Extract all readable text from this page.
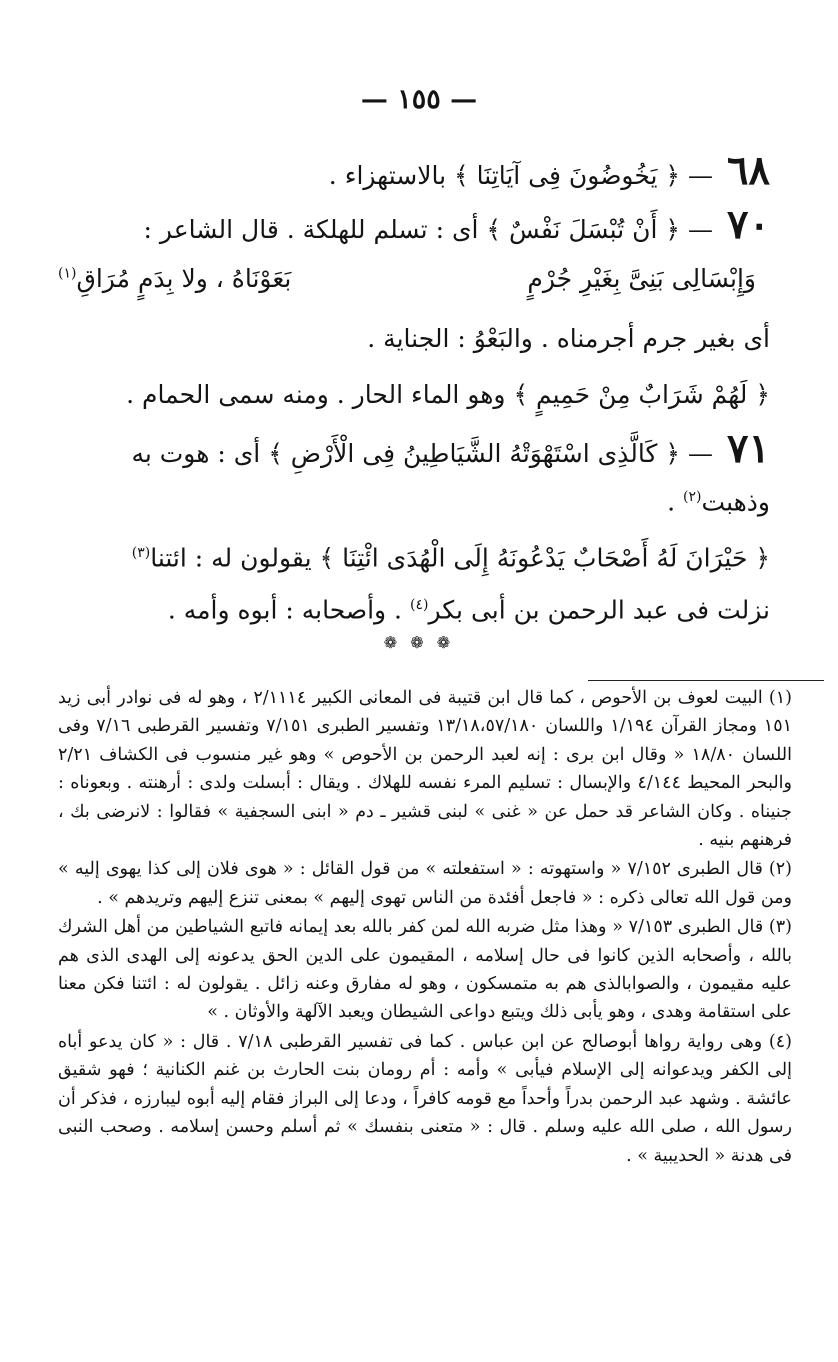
— ١٥٥ —
٦٨—﴿ يَخُوضُونَ فِى آيَاتِنَا ﴾ بالاستهزاء .
٧٠—﴿ أَنْ تُبْسَلَ نَفْسٌ ﴾ أى : تسلم للهلكة . قال الشاعر :
وَإِبْسَالِى بَنِىَّ بِغَيْرِ جُرْمٍ
بَعَوْنَاهُ ، ولا بِدَمٍ مُرَاقِ$^{(١)}$
أى بغير جرم أجرمناه . والبَعْوُ : الجناية .
﴿ لَهُمْ شَرَابٌ مِنْ حَمِيمٍ ﴾ وهو الماء الحار . ومنه سمى الحمام .
٧١—﴿ كَالَّذِى اسْتَهْوَتْهُ الشَّيَاطِينُ فِى الْأَرْضِ ﴾ أى : هوت به
وذهبت$^{(٢)}$ .
﴿ حَيْرَانَ لَهُ أَصْحَابٌ يَدْعُونَهُ إِلَى الْهُدَى ائْتِنَا ﴾ يقولون له : ائتنا$^{(٣)}$
نزلت فى عبد الرحمن بن أبى بكر$^{(٤)}$ . وأصحابه : أبوه وأمه .
❁ ❁ ❁
(١) البيت لعوف بن الأحوص ، كما قال ابن قتيبة فى المعانى الكبير ٢/١١١٤ ، وهو له فى نوادر أبى زيد ١٥١ ومجاز القرآن ١/١٩٤ واللسان ١٣/١٨،٥٧/١٨٠ وتفسير الطبرى ٧/١٥١ وتفسير القرطبى ٧/١٦ وفى اللسان ١٨/٨٠ « وقال ابن برى : إنه لعبد الرحمن بن الأحوص » وهو غير منسوب فى الكشاف ٢/٢١ والبحر المحيط ٤/١٤٤ والإبسال : تسليم المرء نفسه للهلاك . ويقال : أبسلت ولدى : أرهنته . وبعوناه : جنيناه . وكان الشاعر قد حمل عن « غنى » لبنى قشير ـ دم « ابنى السجفية » فقالوا : لانرضى بك ، فرهنهم بنيه .
(٢) قال الطبرى ٧/١٥٢ « واستهوته : « استفعلته » من قول القائل : « هوى فلان إلى كذا يهوى إليه » ومن قول الله تعالى ذكره : « فاجعل أفئدة من الناس تهوى إليهم » بمعنى تنزع إليهم وتريدهم » .
(٣) قال الطبرى ٧/١٥٣ « وهذا مثل ضربه الله لمن كفر بالله بعد إيمانه فاتبع الشياطين من أهل الشرك بالله ، وأصحابه الذين كانوا فى حال إسلامه ، المقيمون على الدين الحق يدعونه إلى الهدى الذى هم عليه مقيمون ، والصوابالذى هم به متمسكون ، وهو له مفارق وعنه زائل . يقولون له : ائتنا فكن معنا على استقامة وهدى ، وهو يأبى ذلك ويتبع دواعى الشيطان ويعبد الآلهة والأوثان . »
(٤) وهى رواية رواها أبوصالح عن ابن عباس . كما فى تفسير القرطبى ٧/١٨ . قال : « كان يدعو أباه إلى الكفر ويدعوانه إلى الإسلام فيأبى » وأمه : أم رومان بنت الحارث بن غنم الكنانية ؛ فهو شقيق عائشة . وشهد عبد الرحمن بدراً وأحداً مع قومه كافراً ، ودعا إلى البراز فقام إليه أبوه ليبارزه ، فذكر أن رسول الله ، صلى الله عليه وسلم . قال : « متعنى بنفسك » ثم أسلم وحسن إسلامه . وصحب النبى فى هدنة « الحديبية » .
